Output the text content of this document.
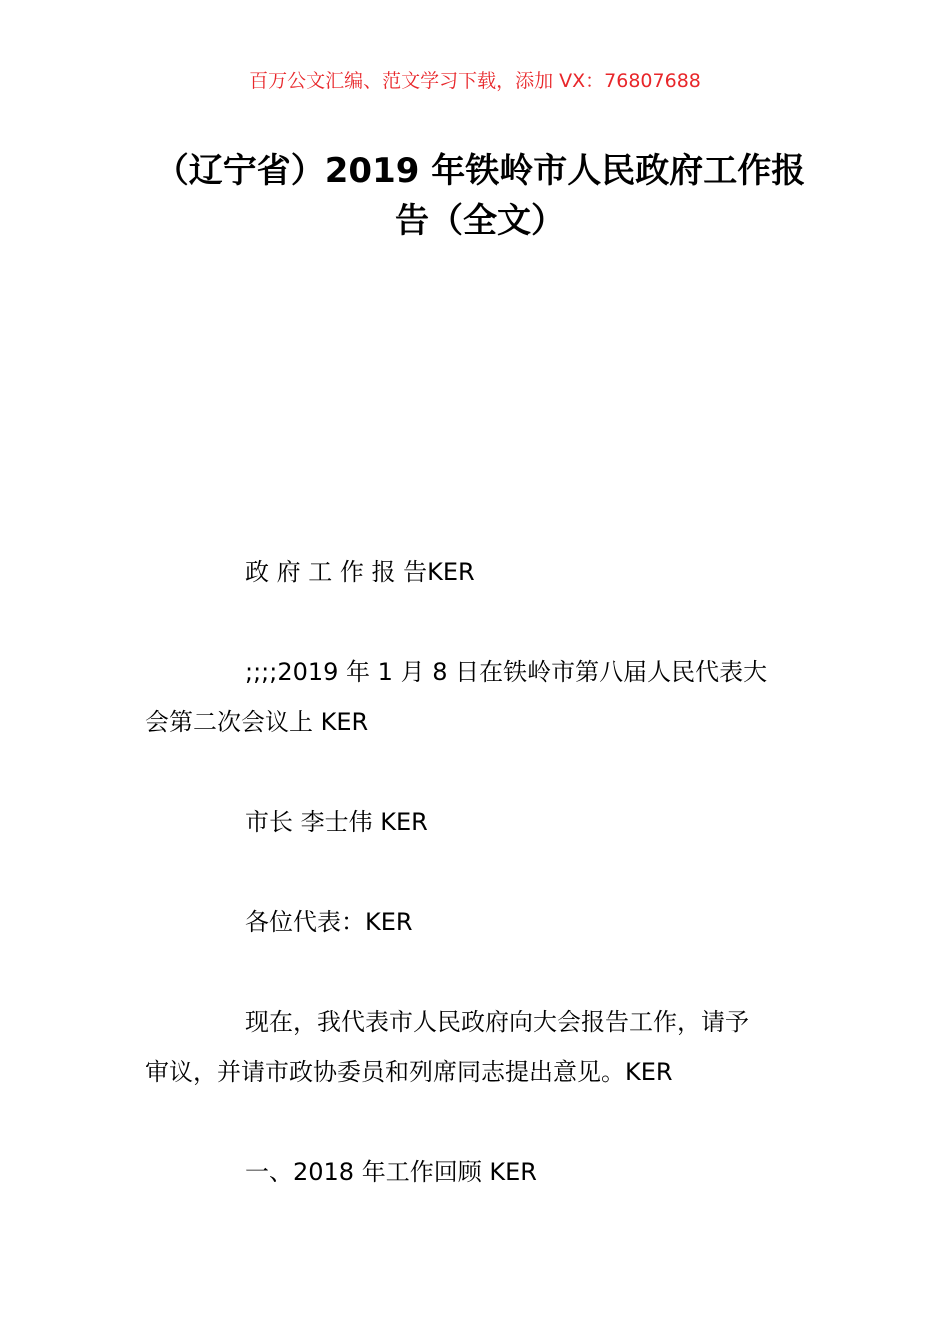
百万公文汇编、范文学习下载，添加 VX：76807688
（辽宁省）2019 年铁岭市人民政府工作报
告（全文）
政 府 工 作 报 告KER
;;;;2019 年 1 月 8 日在铁岭市第八届人民代表大
会第二次会议上 KER
市长 李士伟 KER
各位代表：KER
现在，我代表市人民政府向大会报告工作，请予
审议，并请市政协委员和列席同志提出意见。KER
一、2018 年工作回顾 KER
